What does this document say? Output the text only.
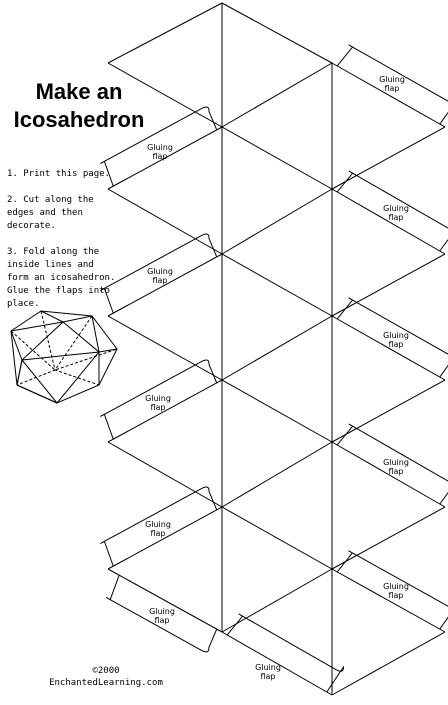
Make an
Icosahedron

1. Print this page.

2. Cut along the edges and then decorate.

3. Fold along the inside lines and form an icosahedron. Glue the flaps into place.

Gluing
flap
Gluing
flap
Gluing
flap
Gluing
flap
Gluing
flap
Gluing
flap
Gluing
flap
Gluing
flap
Gluing
flap
Gluing
flap
Gluing
flap
©2000
EnchantedLearning.com
